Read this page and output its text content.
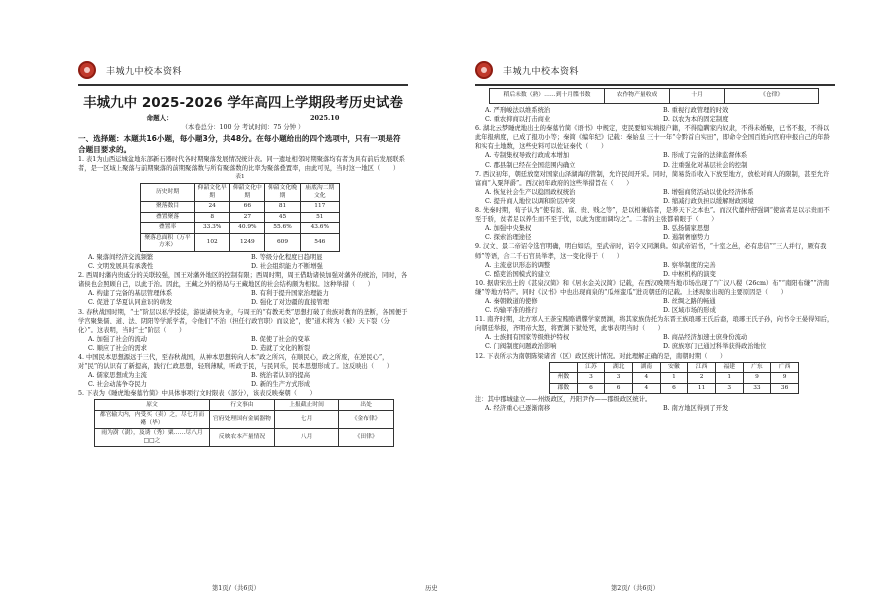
丰城九中校本资料
丰城九中 2025-2026 学年高四上学期段考历史试卷
命题人：	2025.10
（本卷总分：100 分 考试时间：75 分钟 ）
一、选择题：本题共16小题，每小题3分，共48分。在每小题给出的四个选项中，只有一项是符合题目要求的。

1. 表1为山西运城盆地东部新石器时代各时期聚落发展情况统计表。同一遗址相邻时期聚落均有者为具有前后发展联系者，是一区域上聚落与前期聚落的前期聚落数与所有聚落数的比率为聚落叠置率，由此可见，当时这一地区（　　）

表1
历史时期	仰韶文化早期	仰韶文化中期	仰韶文化晚期	庙底沟二期文化
聚落数目	24	66	81	117
叠置聚落	8	27	45	51
叠置率	33.3%	40.9%	55.6%	43.6%
聚落总面积（万平方米）	102	1249	609	546
A. 聚落间经济交流频繁	B. 等级分化程度日趋明显
C. 文明发展具有承袭性	D. 社会组织能力不断增强

2. 西周时藩内贵戚分的关联较强，国王对藩外地区的控制有限；西周时期，周王借助诸侯加强对藩外的统治，同时，各诸侯也会照顾自己，以此于治。因此，王藏之外的格局与王藏地区的社会结构颇为相似。这种举措（　　）

A. 构建了完备的基层管理体系	B. 有利于提升国家治理能力
C. 促进了华夏认同意识的萌发	D. 强化了对边疆的直接管理

3. 春秋战国时期，“士”阶层以私学授徒，游说诸侯为业，与周王的“有教无类”思想打破了贵族对教育的垄断，各国便于学宫聚集儒、道、法、阴阳等学派学者，令他们“不治（担任行政官职）而议论”，使“道术将为（被）天下裂（分化）”。这表明，当时“士”阶层（　　）

A. 加强了社会的流动	B. 促使了社会的变革
C. 顺应了社会的需求	D. 造就了文化的断裂

4. 中国民本思想源远于三代，至春秋战国，从神本思想转向人本“政之所兴，在顺民心，政之所废，在逆民心”，对“民”的认识有了新提高，践行仁政思想，轻刑薄赋，听政于民，与民同乐，民本思想形成了。这反映出（　　）

A. 儒家思想成为主流	B. 统治者认识的提高
C. 社会动荡争夺民力	D. 新的生产方式形成

5. 下表为《睡虎地秦墓竹简》中具体事项行文时限表（部分），该表反映秦朝（　　）

原文	行文事由	上报截止时间	出处
都官输大内，内受买（卖）之，尽七月而觱（毕）	官府处理国有金属器物	七月	《金布律》
雨为澍（澍），及诱（秀）粟……尽八月□□之	反映农本产量情况	八月	《田律》
第1页/（共6页）	历史
丰城九中校本资料
稻后未数（熟）……到十月牒书数	农作物产量收成	十月	《仓律》
A. 严刑峻法以维系统治	B. 重视行政管理的时效
C. 重农抑商以打击商业	D. 以农为本的固定制度

6. 湖北云梦睡虎地出土的秦墓竹简《语书》中规定，吏民要如实填报户籍，不得隐瞒家内奴隶，不得未婚娶，已书不报，不得以此年报病度，已成了报功小等；秦简《编年纪》记载：秦始皇 三十一年“令黔首自实田”，即命令全国百姓向官府申报自己的年龄和实有土地数，这些史料可以佐证秦代（　　）

A. 专制集权导致行政成本增加	B. 形成了完备的法律监督体系
C. 郡县制已经在全国范围内确立	D. 注重强化对基层社会的控制

7. 西汉初年，朝廷放宽对国家山泽湖海的管制，允许民间开采。同时，简易货币收入下放至地方，放松对商人的限制，甚至允许富商“入粟拜爵”。西汉初年政府的这些举措旨在（　　）

A. 恢复社会生产以稳固政权统治	B. 增强商贸活动以优化经济体系
C. 提升商人地位以调和阶层冲突	D. 缩减行政负担以缓解财政困境

8. 先秦时期，荀子认为“使有贫、富、贵、贱之等”，是以相兼临者，是养天下之本也”。而汉代董仲舒强调“使富者足以示贵而不至于骄，贫者足以养生而不至于忧，以此为度而调均之”。二者的主张都着眼于（　　）

A. 加强中央集权	B. 弘扬儒家思想
C. 探索治理途径	D. 遏制奢靡势力

9. 汉文、景二帝诏令选官明确，明白如话，至武帝时，诏令又同渊典。如武帝诏书，“十室之邑，必有忠信”“三人并行，厥有我师”等语，合二千石官员举孝，这一变化得于（　　）

A. 主流意识形态的调整	B. 察举制度的完善
C. 酷吏治国模式的建立	D. 中枢机构的演变

10. 据唐宋出土的《甚泉汉简》和《居水金关汉简》记载，在西汉晚期当地市场出现了“广汉八稷（26cm）布”“南阳布缣”“济南缣”等地方特产。同时《汉书》中也出现商泉的“瓜州蛮瓜”进贡朝廷的记载。上述现象出现的主要原因是（　　）

A. 秦朝敕道的使修	B. 丝绸之路的畅通
C. 均输平准的推行	D. 区域市场的形成

11. 南齐时期，北方寒人王荼宝贿赂谱牒学家贾渊，将其家族伪托为东晋王族琅琊王氏后裔，琅琊王氏子孙，向书令王晏得知后，向朝廷举报，齐明帝大怒，将贾渊下狱处死，此事表明当时（　　）

A. 士族拥有国家等级维护特权	B. 商品经济加速士庶身份流动
C. 门阀制度问题政治影响	D. 庶族寒门已通过科举获得政治地位

12. 下表所示为南朝陈梁诸省（区）政区统计情况。对此理解正确的是，南朝时期（　　）

	江苏	湖北	湖南	安徽	江西	福建	广东	广西
州数	3	3	4	1	2	1	9	9
郡数	6	6	4	6	11	3	33	36

注：其中郡城建立——州级政区，丹阳尹作——郡级政区统计。

A. 经济重心已逐渐南移	B. 南方地区得到了开发
第2页/（共6页）
